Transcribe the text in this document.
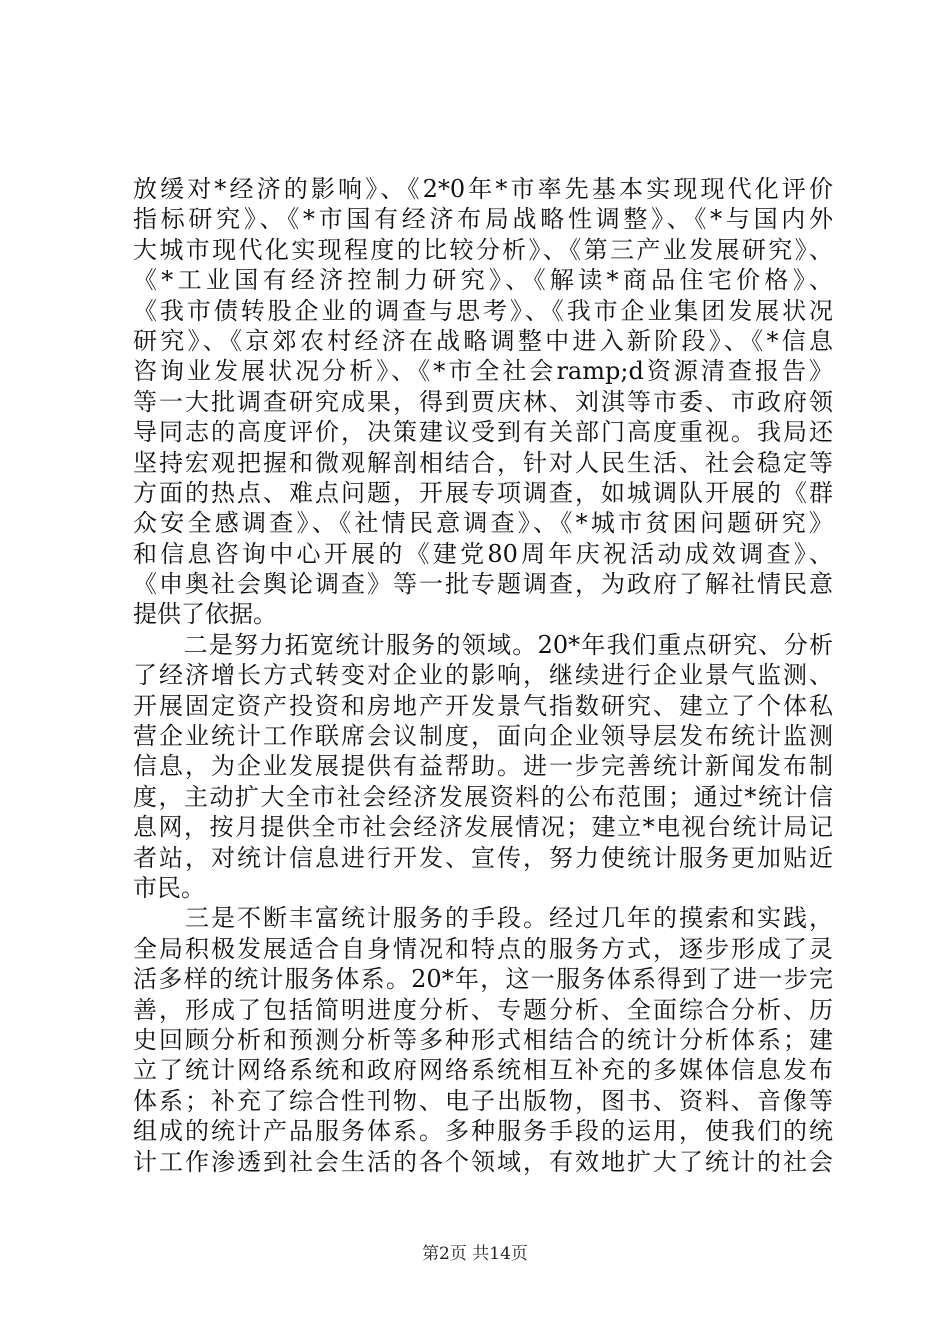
放缓对*经济的影响》、《2*0年*市率先基本实现现代化评价
指标研究》、《*市国有经济布局战略性调整》、《*与国内外
大城市现代化实现程度的比较分析》、《第三产业发展研究》、
《*工业国有经济控制力研究》、《解读*商品住宅价格》、
《我市债转股企业的调查与思考》、《我市企业集团发展状况
研究》、《京郊农村经济在战略调整中进入新阶段》、《*信息
咨询业发展状况分析》、《*市全社会ramp;d资源清查报告》
等一大批调查研究成果，得到贾庆林、刘淇等市委、市政府领
导同志的高度评价，决策建议受到有关部门高度重视。我局还
坚持宏观把握和微观解剖相结合，针对人民生活、社会稳定等
方面的热点、难点问题，开展专项调查，如城调队开展的《群
众安全感调查》、《社情民意调查》、《*城市贫困问题研究》
和信息咨询中心开展的《建党80周年庆祝活动成效调查》、
《申奥社会舆论调查》等一批专题调查，为政府了解社情民意
提供了依据。
　　二是努力拓宽统计服务的领域。20*年我们重点研究、分析
了经济增长方式转变对企业的影响，继续进行企业景气监测、
开展固定资产投资和房地产开发景气指数研究、建立了个体私
营企业统计工作联席会议制度，面向企业领导层发布统计监测
信息，为企业发展提供有益帮助。进一步完善统计新闻发布制
度，主动扩大全市社会经济发展资料的公布范围；通过*统计信
息网，按月提供全市社会经济发展情况；建立*电视台统计局记
者站，对统计信息进行开发、宣传，努力使统计服务更加贴近
市民。
　　三是不断丰富统计服务的手段。经过几年的摸索和实践，
全局积极发展适合自身情况和特点的服务方式，逐步形成了灵
活多样的统计服务体系。20*年，这一服务体系得到了进一步完
善，形成了包括简明进度分析、专题分析、全面综合分析、历
史回顾分析和预测分析等多种形式相结合的统计分析体系；建
立了统计网络系统和政府网络系统相互补充的多媒体信息发布
体系；补充了综合性刊物、电子出版物，图书、资料、音像等
组成的统计产品服务体系。多种服务手段的运用，使我们的统
计工作渗透到社会生活的各个领域，有效地扩大了统计的社会
第2页 共14页
